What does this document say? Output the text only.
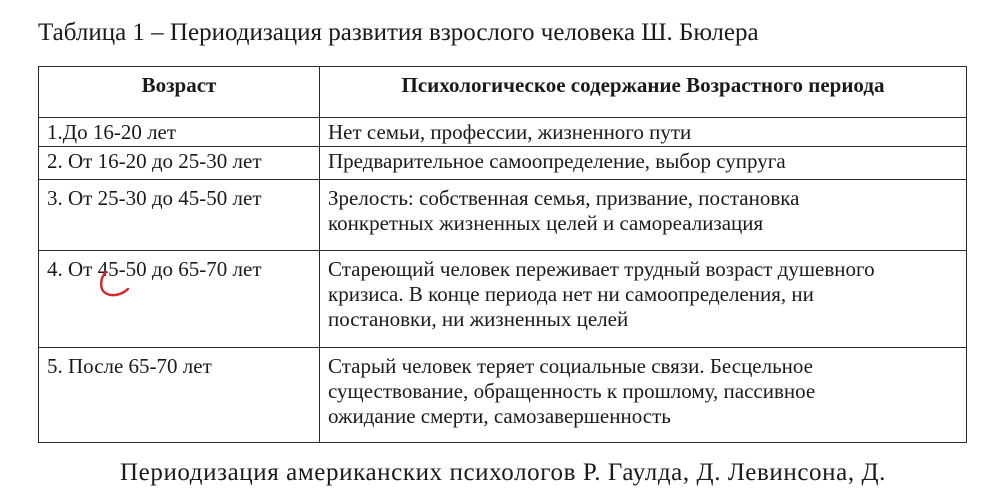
Таблица 1 – Периодизация развития взрослого человека Ш. Бюлера
Возраст	Психологическое содержание Возрастного периода
1.До 16-20 лет	Нет семьи, профессии, жизненного пути
2. От 16-20 до 25-30 лет	Предварительное самоопределение, выбор супруга
3. От 25-30 до 45-50 лет	Зрелость: собственная семья, призвание, постановка
конкретных жизненных целей и самореализация
4. От 45-50 до 65-70 лет	Стареющий человек переживает трудный возраст душевного
кризиса. В конце периода нет ни самоопределения, ни
постановки, ни жизненных целей
5. После 65-70 лет	Старый человек теряет социальные связи. Бесцельное
существование, обращенность к прошлому, пассивное
ожидание смерти, самозавершенность
Периодизация американских психологов Р. Гаулда, Д. Левинсона, Д.
